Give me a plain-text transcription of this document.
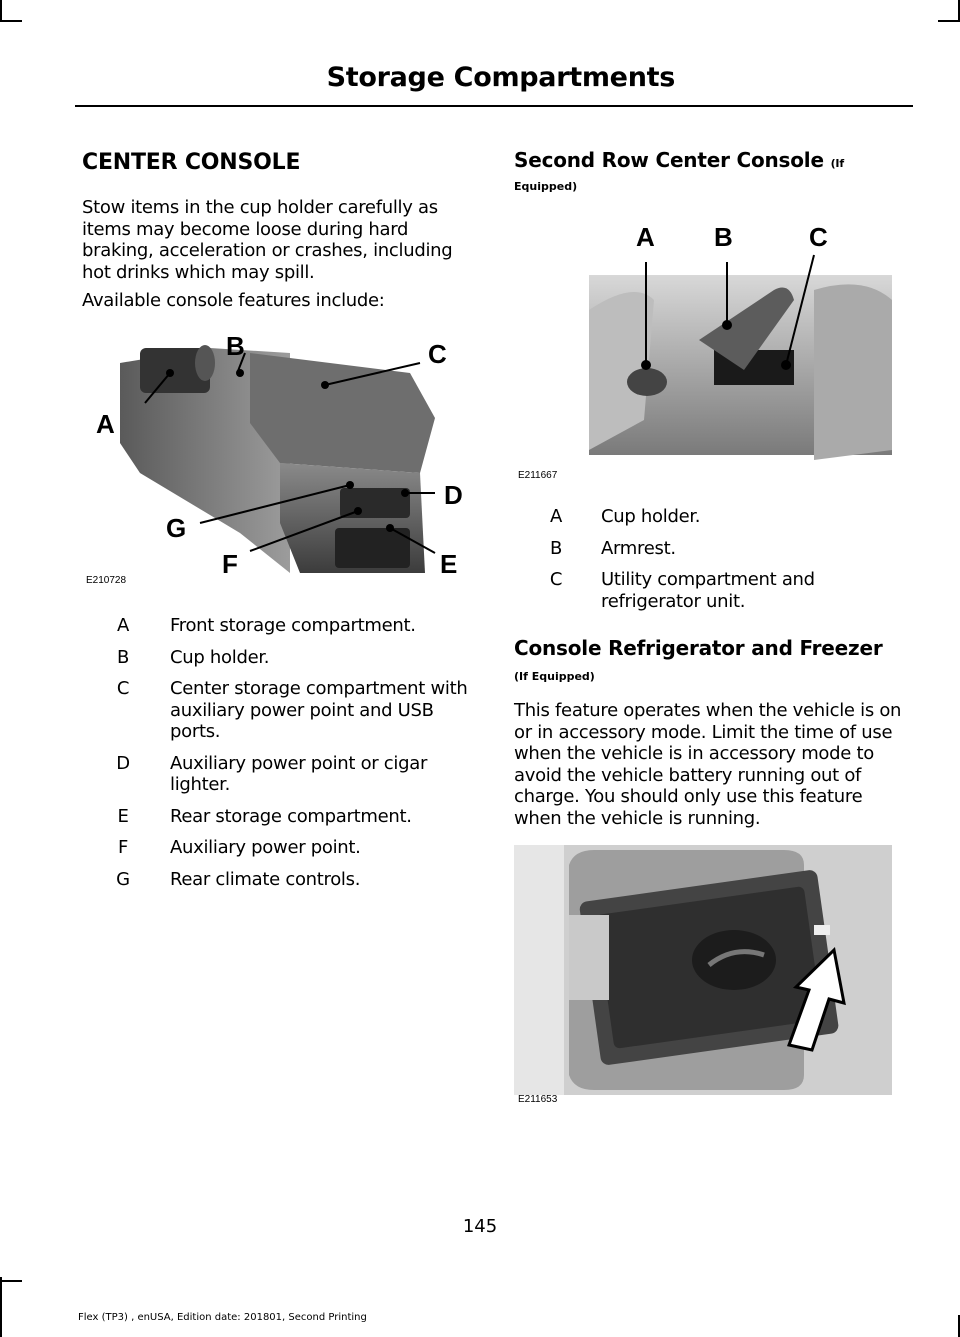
Storage Compartments
CENTER CONSOLE
Stow items in the cup holder carefully as items may become loose during hard braking, acceleration or crashes, including hot drinks which may spill.
Available console features include:
A
B	C
D
E
F
G
E210728
A	Front storage compartment.
B	Cup holder.
C	Center storage compartment with auxiliary power point and USB ports.
D	Auxiliary power point or cigar lighter.
E	Rear storage compartment.
F	Auxiliary power point.
G	Rear climate controls.
Second Row Center Console (If
Equipped)
A B	C
E211667
A	Cup holder.
B	Armrest.
C	Utility compartment and refrigerator unit.
Console Refrigerator and Freezer
(If Equipped)
This feature operates when the vehicle is on or in accessory mode. Limit the time of use when the vehicle is in accessory mode to avoid the vehicle battery running out of charge. You should only use this feature when the vehicle is running.
E211653
145
Flex (TP3) , enUSA, Edition date: 201801, Second Printing
